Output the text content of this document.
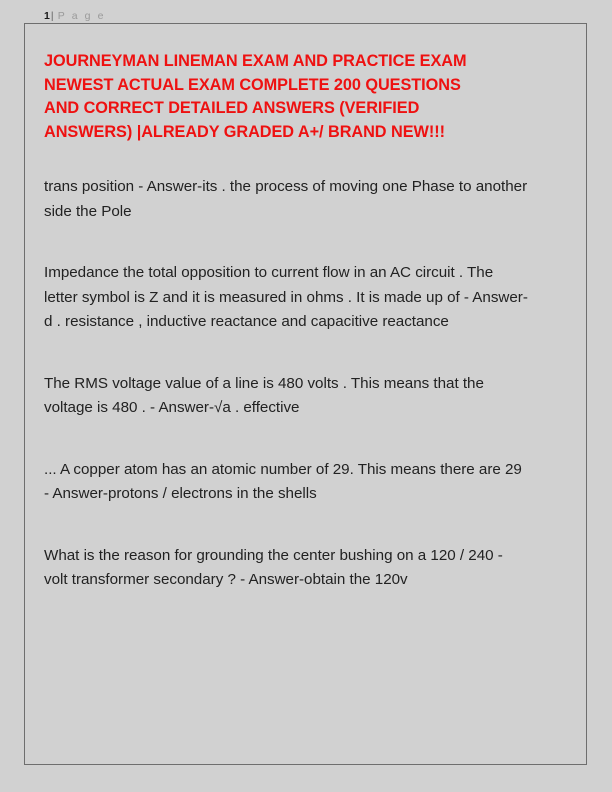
1| P a g e
JOURNEYMAN LINEMAN EXAM AND PRACTICE EXAM NEWEST ACTUAL EXAM COMPLETE 200 QUESTIONS AND CORRECT DETAILED ANSWERS (VERIFIED ANSWERS) |ALREADY GRADED A+/ BRAND NEW!!!

trans position - Answer-its . the process of moving one Phase to another side the Pole

Impedance the total opposition to current flow in an AC circuit . The letter symbol is Z and it is measured in ohms . It is made up of - Answer-d . resistance , inductive reactance and capacitive reactance

The RMS voltage value of a line is 480 volts . This means that the voltage is 480 . - Answer-√a . effective

... A copper atom has an atomic number of 29. This means there are 29 - Answer-protons / electrons in the shells

What is the reason for grounding the center bushing on a 120 / 240 - volt transformer secondary ? - Answer-obtain the 120v
